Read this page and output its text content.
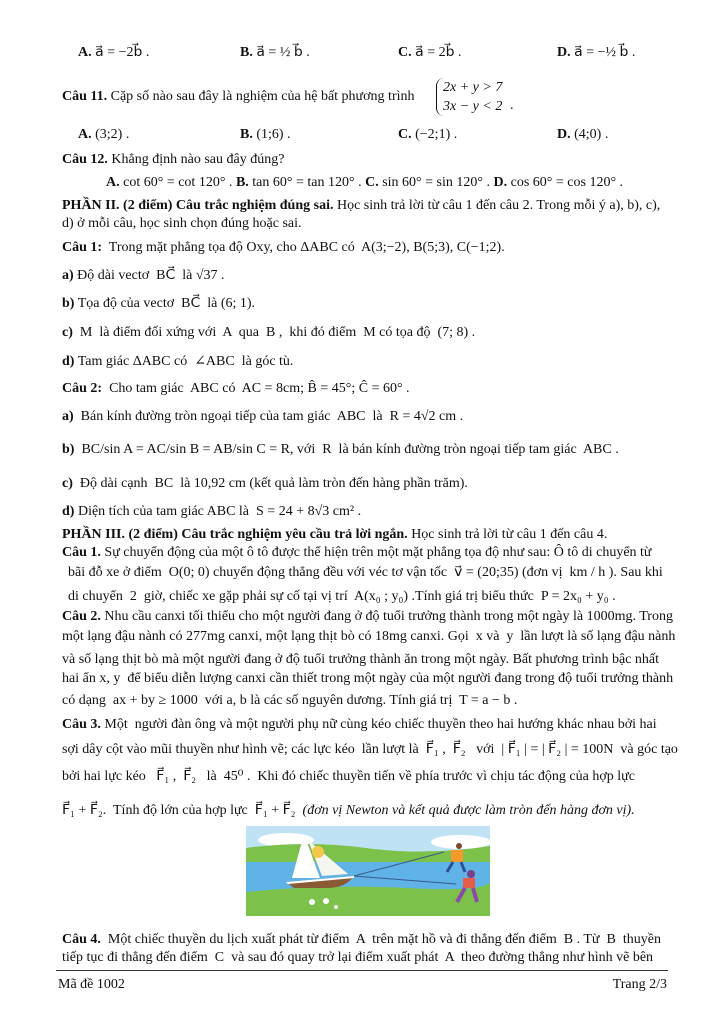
A. a⃗ = −2b⃗ .	B. a⃗ = ½ b⃗ .	C. a⃗ = 2b⃗ .	D. a⃗ = −½ b⃗ .
Câu 11. Cặp số nào sau đây là nghiệm của hệ bất phương trình
2x + y > 7
3x − y < 2 .
A. (3;2) .	B. (1;6) .	C. (−2;1) .	D. (4;0) .
Câu 12. Khẳng định nào sau đây đúng?
A. cot 60° = cot 120° . B. tan 60° = tan 120° . C. sin 60° = sin 120° . D. cos 60° = cos 120° .
PHẦN II. (2 điểm) Câu trắc nghiệm đúng sai. Học sinh trả lời từ câu 1 đến câu 2. Trong mỗi ý a), b), c),
d) ở mỗi câu, học sinh chọn đúng hoặc sai.
Câu 1:  Trong mặt phẳng tọa độ Oxy, cho ΔABC có  A(3;−2), B(5;3), C(−1;2).
a) Độ dài vectơ  BC⃗  là √37 .
b) Tọa độ của vectơ  BC⃗  là (6; 1).
c)  M  là điểm đối xứng với  A  qua  B ,  khi đó điểm  M có tọa độ  (7; 8) .
d) Tam giác ΔABC có  ∠ABC  là góc tù.
Câu 2:  Cho tam giác  ABC có  AC = 8cm; B̂ = 45°; Ĉ = 60° .
a)  Bán kính đường tròn ngoại tiếp của tam giác  ABC  là  R = 4√2 cm .
b)  BC/sin A = AC/sin B = AB/sin C = R, với  R  là bán kính đường tròn ngoại tiếp tam giác  ABC .
c)  Độ dài cạnh  BC  là 10,92 cm (kết quả làm tròn đến hàng phần trăm).
d) Diện tích của tam giác ABC là  S = 24 + 8√3 cm² .
PHẦN III. (2 điểm) Câu trắc nghiệm yêu cầu trả lời ngắn. Học sinh trả lời từ câu 1 đến câu 4.
Câu 1. Sự chuyển động của một ô tô được thể hiện trên một mặt phẳng tọa độ như sau: Ô tô di chuyển từ
bãi đỗ xe ở điểm  O(0; 0) chuyển động thẳng đều với véc tơ vận tốc  v⃗ = (20;35) (đơn vị  km / h ). Sau khi
di chuyển  2  giờ, chiếc xe gặp phải sự cố tại vị trí  A(x₀ ; y₀) .Tính giá trị biểu thức  P = 2x₀ + y₀ .
Câu 2. Nhu cầu canxi tối thiểu cho một người đang ở độ tuổi trưởng thành trong một ngày là 1000mg. Trong
một lạng đậu nành có 277mg canxi, một lạng thịt bò có 18mg canxi. Gọi  x và  y  lần lượt là số lạng đậu nành
và số lạng thịt bò mà một người đang ở độ tuổi trưởng thành ăn trong một ngày. Bất phương trình bậc nhất
hai ẩn x, y  để biểu diễn lượng canxi cần thiết trong một ngày của một người đang trong độ tuổi trưởng thành
có dạng  ax + by ≥ 1000  với a, b là các số nguyên dương. Tính giá trị  T = a − b .
Câu 3. Một  người đàn ông và một người phụ nữ cùng kéo chiếc thuyền theo hai hướng khác nhau bởi hai
sợi dây cột vào mũi thuyền như hình vẽ; các lực kéo  lần lượt là  F⃗₁ ,  F⃗₂   với  | F⃗₁ | = | F⃗₂ | = 100N  và góc tạo
bởi hai lực kéo   F⃗₁ ,  F⃗₂   là  45⁰ .  Khi đó chiếc thuyền tiến về phía trước vì chịu tác động của hợp lực
F⃗₁ + F⃗₂.  Tính độ lớn của hợp lực  F⃗₁ + F⃗₂  (đơn vị Newton và kết quả được làm tròn đến hàng đơn vị).
Câu 4.  Một chiếc thuyền du lịch xuất phát từ điểm  A  trên mặt hồ và đi thẳng đến điểm  B . Từ  B  thuyền
tiếp tục đi thẳng đến điểm  C  và sau đó quay trở lại điểm xuất phát  A  theo đường thẳng như hình vẽ bên
Mã đề 1002	Trang 2/3
